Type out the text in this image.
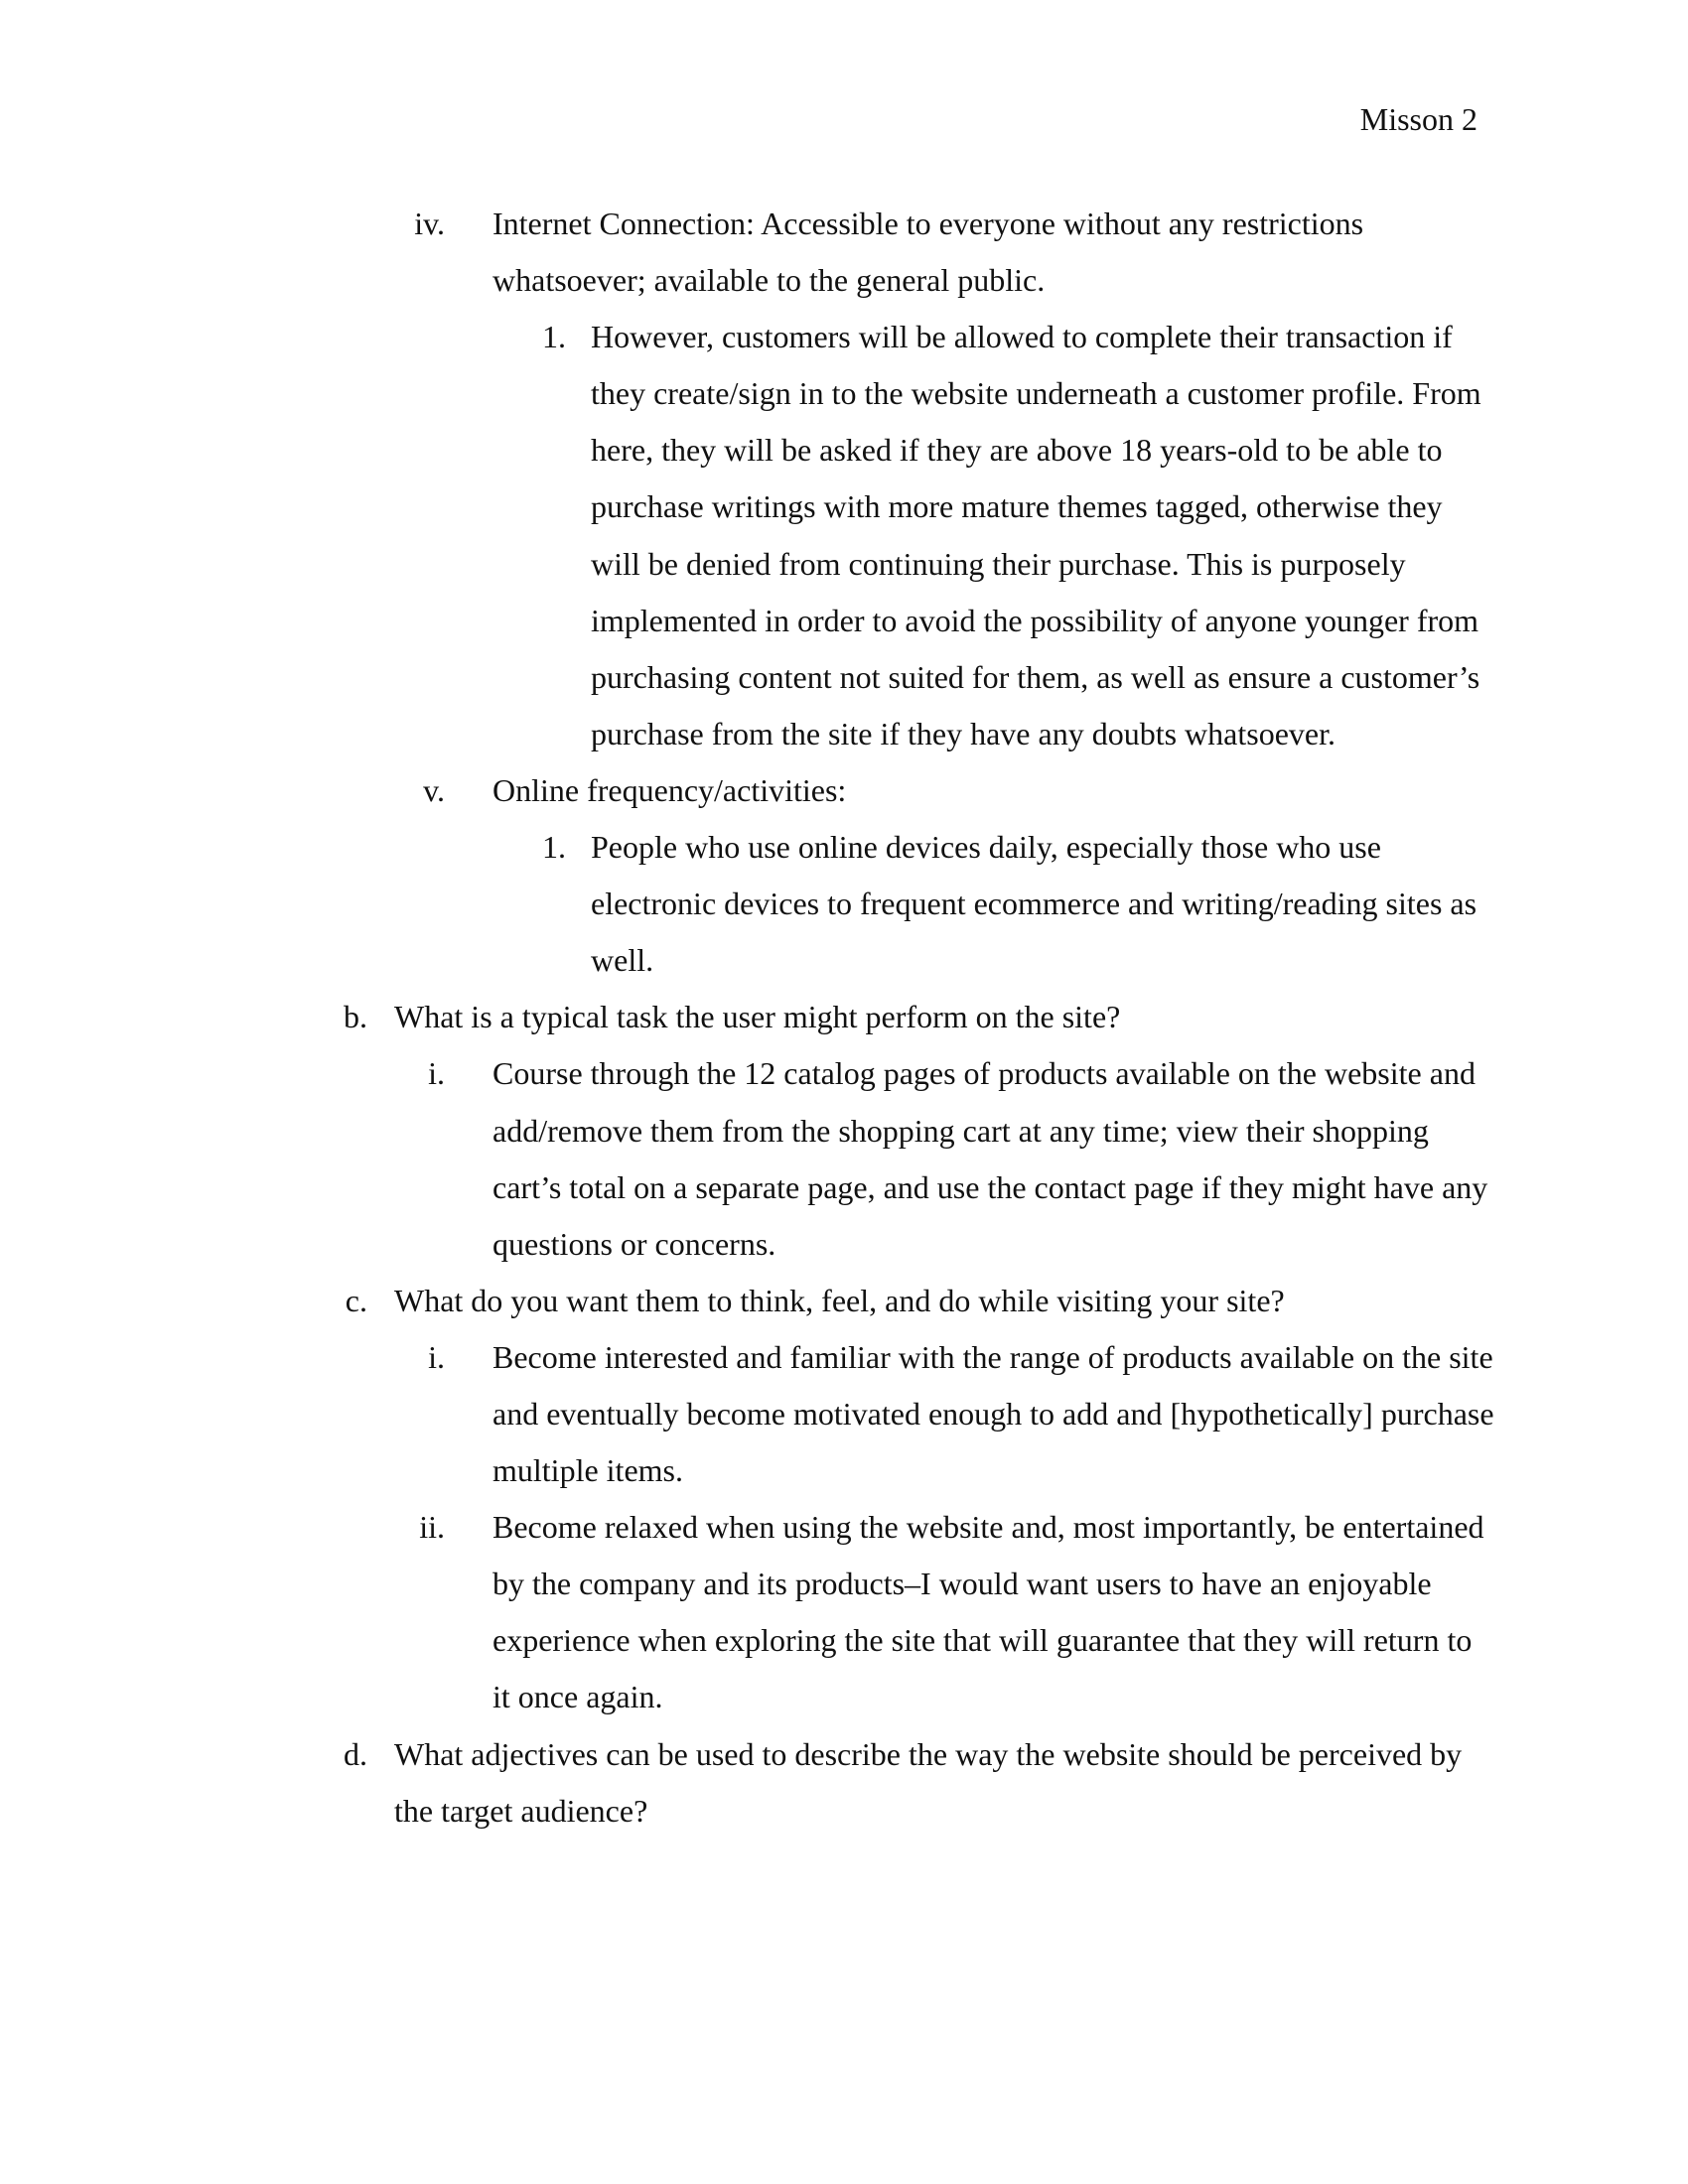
Misson 2
iv. Internet Connection: Accessible to everyone without any restrictions whatsoever; available to the general public.
1. However, customers will be allowed to complete their transaction if they create/sign in to the website underneath a customer profile. From here, they will be asked if they are above 18 years-old to be able to purchase writings with more mature themes tagged, otherwise they will be denied from continuing their purchase. This is purposely implemented in order to avoid the possibility of anyone younger from purchasing content not suited for them, as well as ensure a customer’s purchase from the site if they have any doubts whatsoever.
v. Online frequency/activities:
1. People who use online devices daily, especially those who use electronic devices to frequent ecommerce and writing/reading sites as well.
b. What is a typical task the user might perform on the site?
i. Course through the 12 catalog pages of products available on the website and add/remove them from the shopping cart at any time; view their shopping cart’s total on a separate page, and use the contact page if they might have any questions or concerns.
c. What do you want them to think, feel, and do while visiting your site?
i. Become interested and familiar with the range of products available on the site and eventually become motivated enough to add and [hypothetically] purchase multiple items.
ii. Become relaxed when using the website and, most importantly, be entertained by the company and its products–I would want users to have an enjoyable experience when exploring the site that will guarantee that they will return to it once again.
d. What adjectives can be used to describe the way the website should be perceived by the target audience?
